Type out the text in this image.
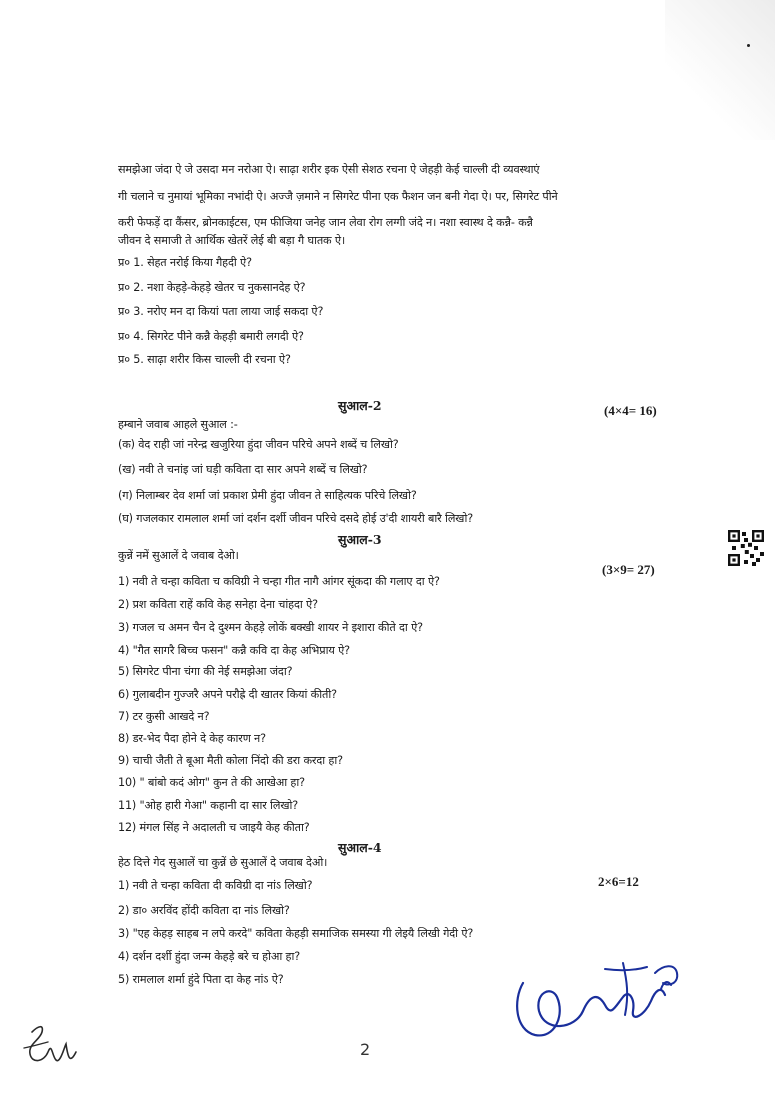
समझेआ जंदा ऐ जे उसदा मन नरोआ ऐ। साढ़ा शरीर इक ऐसी सेशठ रचना ऐ जेहड़ी केई चाल्ली दी व्यवस्थाएं
गी चलाने च नुमायां भूमिका नभांदी ऐ। अज्जै ज़माने न सिगरेट पीना एक फैशन जन बनी गेदा ऐ। पर, सिगरेट पीने
करी फेफड़ें दा कैंसर, ब्रोनकाईटस, एम फीजिया जनेह जान लेवा रोग लग्गी जंदे न। नशा स्वास्थ दे कन्नै- कन्नै
जीवन दे समाजी ते आर्थिक खेतरें लेई बी बड़ा गै घातक ऐ।
प्र० 1. सेहत नरोई किया गैहदी ऐ?
प्र० 2. नशा केहड़े-केहड़े खेतर च नुकसानदेह ऐ?
प्र० 3. नरोए मन दा कियां पता लाया जाई सकदा ऐ?
प्र० 4. सिगरेट पीने कन्नै केहड़ी बमारी लगदी ऐ?
प्र० 5. साढ़ा शरीर किस चाल्ली दी रचना ऐ?
सुआल-2	(4×4= 16)
हम्बाने जवाब आहले सुआल :-
(क) वेद राही जां नरेन्द्र खजुरिया हुंदा जीवन परिचे अपने शब्दें च लिखो?
(ख) नवी ते चनांइ जां घड़ी कविता दा सार अपने शब्दें च लिखो?
(ग) निलाम्बर देव शर्मा जां प्रकाश प्रेमी हुंदा जीवन ते साहित्यक परिचे लिखो?
(घ) गजलकार रामलाल शर्मा जां दर्शन दर्शी जीवन परिचे दसदे होई उ'दी शायरी बारै लिखो?
सुआल-3
(3×9= 27)
कुन्नें नमें सुआलें दे जवाब देओ।
1) नवी ते चन्हा कविता च कविग्री ने चन्हा गीत नागै आंगर सूंकदा की गलाए दा ऐ?
2) प्रश कविता राहें कवि केह सनेहा देना चांहदा ऐ?
3) गजल च अमन चैन दे दुश्मन केहड़े लोकें बक्खी शायर ने इशारा कीते दा ऐ?
4) "गैत सागरै बिच्च फसन" कन्नै कवि दा केह अभिप्राय ऐ?
5) सिगरेट पीना चंगा की नेई समझेआ जंदा?
6) गुलाबदीन गुज्जरै अपने परौह्रे दी खातर कियां कीती?
7) टर कुसी आखदे न?
8) डर-भेद पैदा होने दे केह कारण न?
9) चाची जैती ते बूआ मैती कोला निंदो की डरा करदा हा?
10) " बांबो कदं ओग" कुन ते की आखेआ हा?
11) "ओह हारी गेआ" कहानी दा सार लिखो?
12) मंगल सिंह ने अदालती च जाइयै केह कीता?
सुआल-4
हेठ दित्ते गेद सुआलें चा कुन्नें छे सुआलें दे जवाब देओ।
2×6=12
1) नवी ते चन्हा कविता दी कविग्री दा नांऽ लिखो?
2) डा० अरविंद होंदी कविता दा नांऽ लिखो?
3) "एह केहड़ साहब न लपे करदे" कविता केहड़ी समाजिक समस्या गी लेइयै लिखी गेदी ऐ?
4) दर्शन दर्शी हुंदा जन्म केहड़े बरे च होआ हा?
5) रामलाल शर्मा हुंदे पिता दा केह नांऽ ऐ?
2
